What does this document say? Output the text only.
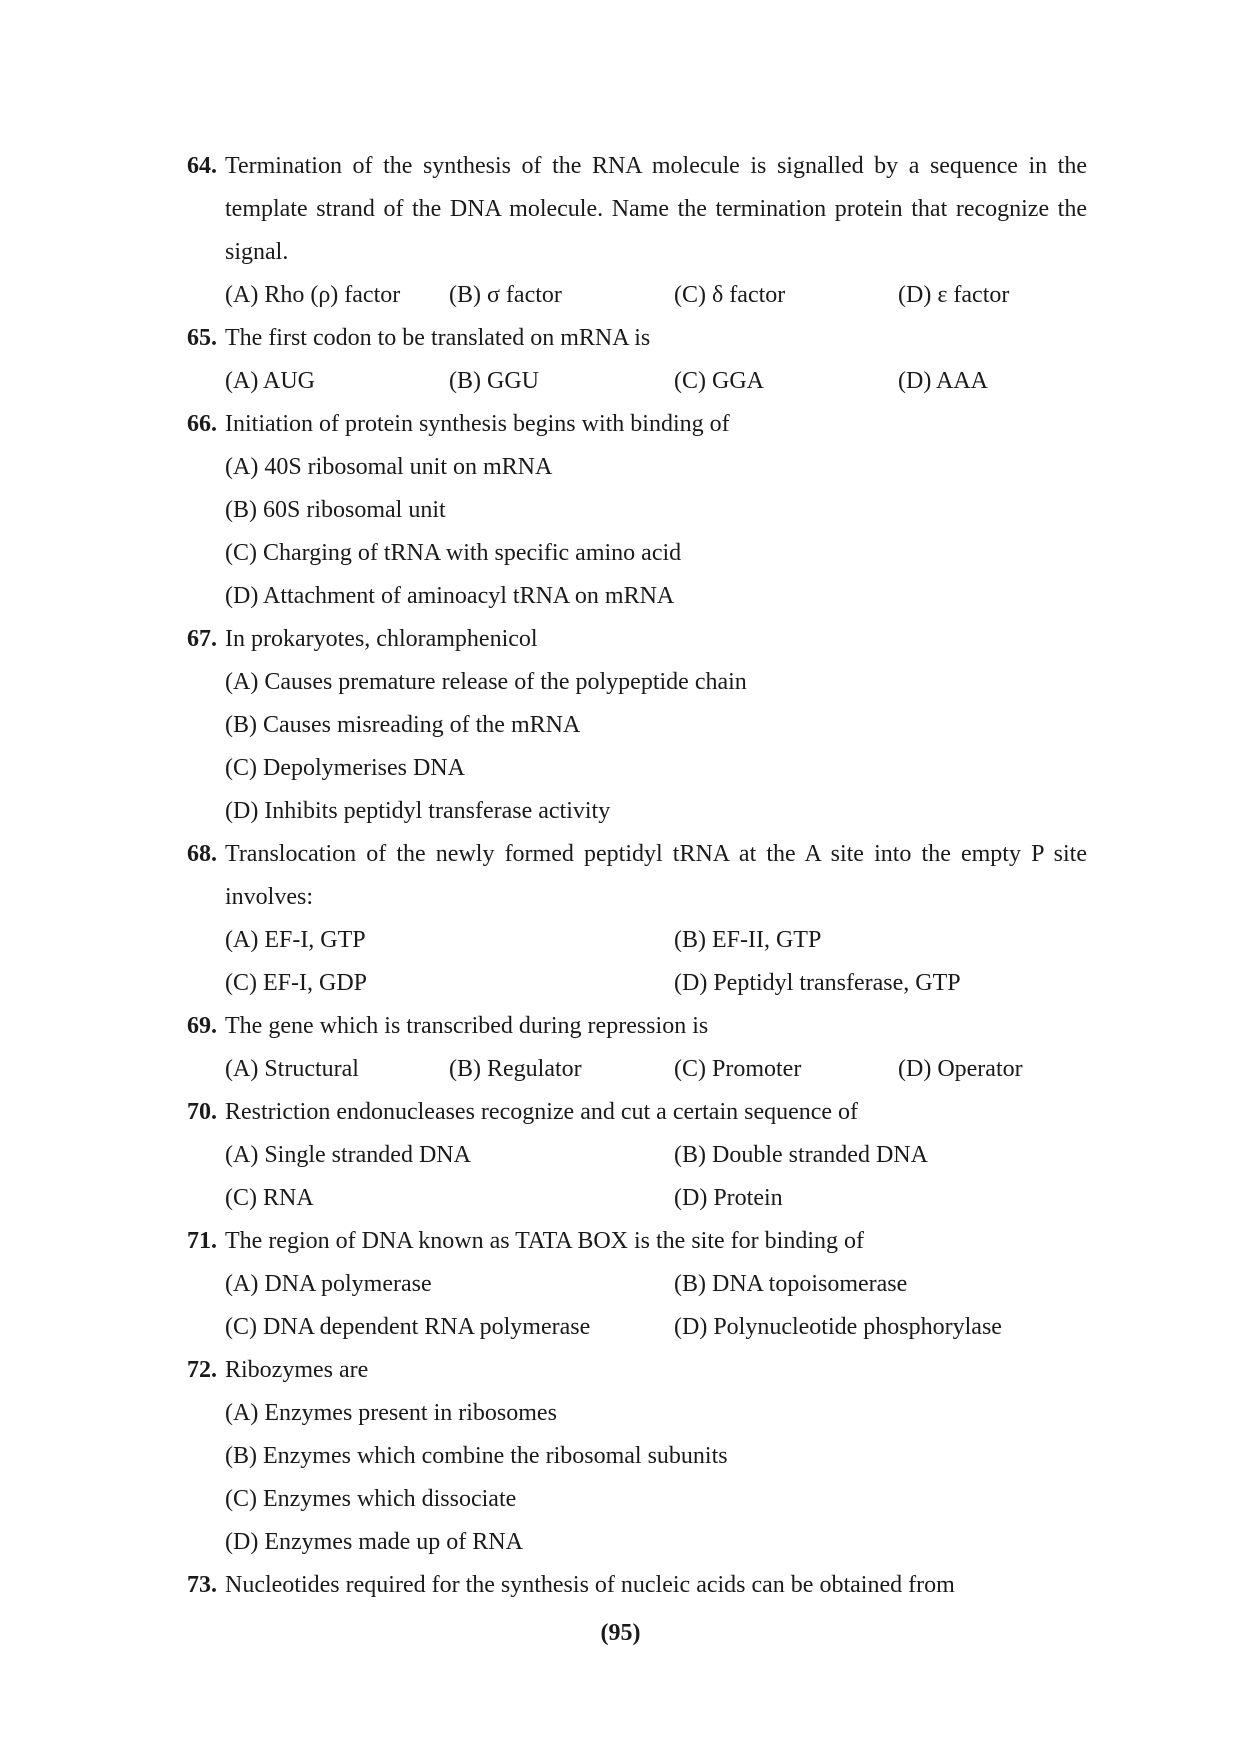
64. Termination of the synthesis of the RNA molecule is signalled by a sequence in the
template strand of the DNA molecule. Name the termination protein that recognize the
signal.
(A) Rho (ρ) factor (B) σ factor	(C) δ factor	(D) ε factor
65. The first codon to be translated on mRNA is
(A) AUG	(B) GGU	(C) GGA	(D) AAA
66. Initiation of protein synthesis begins with binding of
(A) 40S ribosomal unit on mRNA
(B) 60S ribosomal unit
(C) Charging of tRNA with specific amino acid
(D) Attachment of aminoacyl tRNA on mRNA
67. In prokaryotes, chloramphenicol
(A) Causes premature release of the polypeptide chain
(B) Causes misreading of the mRNA
(C) Depolymerises DNA
(D) Inhibits peptidyl transferase activity
68. Translocation of the newly formed peptidyl tRNA at the A site into the empty P site
involves:
(A) EF-I, GTP	(B) EF-II, GTP
(C) EF-I, GDP	(D) Peptidyl transferase, GTP
69. The gene which is transcribed during repression is
(A) Structural	(B) Regulator	(C) Promoter	(D) Operator
70. Restriction endonucleases recognize and cut a certain sequence of
(A) Single stranded DNA	(B) Double stranded DNA
(C) RNA	(D) Protein
71. The region of DNA known as TATA BOX is the site for binding of
(A) DNA polymerase	(B) DNA topoisomerase
(C) DNA dependent RNA polymerase	(D) Polynucleotide phosphorylase
72. Ribozymes are
(A) Enzymes present in ribosomes
(B) Enzymes which combine the ribosomal subunits
(C) Enzymes which dissociate
(D) Enzymes made up of RNA
73. Nucleotides required for the synthesis of nucleic acids can be obtained from
(95)
